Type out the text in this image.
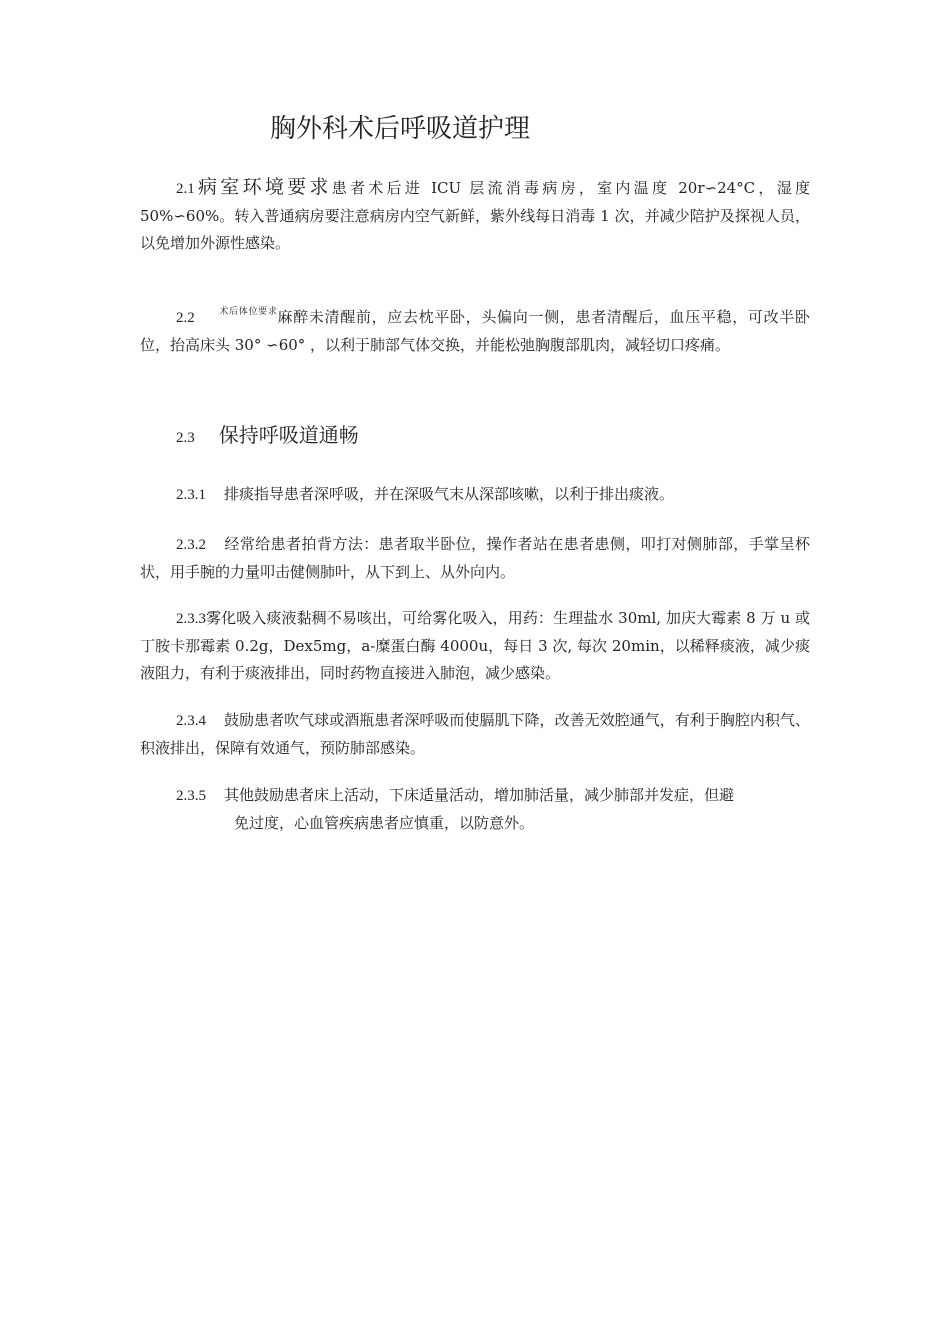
胸外科术后呼吸道护理

2.1病室环境要求患者术后进 ICU 层流消毒病房，室内温度 20r∽24°C，湿度 50%∽60%。转入普通病房要注意病房内空气新鲜，紫外线每日消毒 1 次，并减少陪护及探视人员，以免增加外源性感染。

2.2	$^{术后体位要求}$麻醉未清醒前，应去枕平卧，头偏向一侧，患者清醒后，血压平稳，可改半卧位，抬高床头 30° ∽60° ，以利于肺部气体交换，并能松弛胸腹部肌肉，减轻切口疼痛。

2.3 保持呼吸道通畅

2.3.1 排痰指导患者深呼吸，并在深吸气末从深部咳嗽，以利于排出痰液。

2.3.2 经常给患者拍背方法：患者取半卧位，操作者站在患者患侧，叩打对侧肺部，手掌呈杯状，用手腕的力量叩击健侧肺叶，从下到上、从外向内。

2.3.3雾化吸入痰液黏稠不易咳出，可给雾化吸入，用药：生理盐水 30ml, 加庆大霉素 8 万 u 或丁胺卡那霉素 0.2g，Dex5mg，a-糜蛋白酶 4000u，每日 3 次, 每次 20min，以稀释痰液，减少痰液阻力，有利于痰液排出，同时药物直接进入肺泡，减少感染。

2.3.4 鼓励患者吹气球或酒瓶患者深呼吸而使膈肌下降，改善无效腔通气，有利于胸腔内积气、积液排出，保障有效通气，预防肺部感染。

2.3.5 其他鼓励患者床上活动，下床适量活动，增加肺活量，减少肺部并发症，但避
免过度，心血管疾病患者应慎重，以防意外。
